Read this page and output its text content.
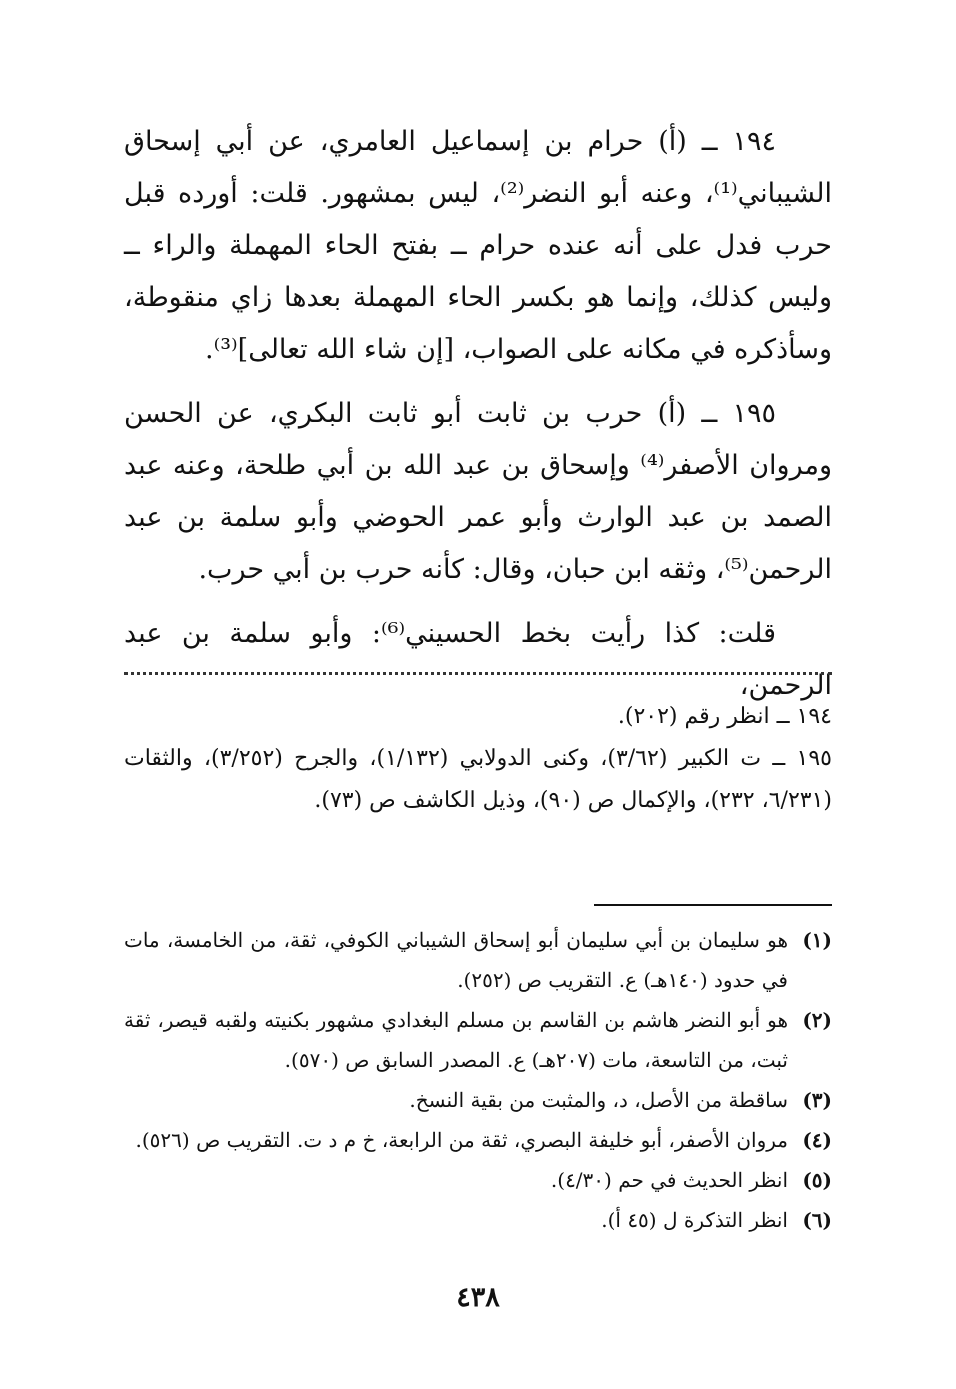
١٩٤ ــ (أ) حرام بن إسماعيل العامري، عن أبي إسحاق الشيباني⁽¹⁾، وعنه أبو النضر⁽²⁾، ليس بمشهور. قلت: أورده قبل حرب فدل على أنه عنده حرام ــ بفتح الحاء المهملة والراء ــ وليس كذلك، وإنما هو بكسر الحاء المهملة بعدها زاي منقوطة، وسأذكره في مكانه على الصواب، [إن شاء الله تعالى]⁽³⁾.

١٩٥ ــ (أ) حرب بن ثابت أبو ثابت البكري، عن الحسن ومروان الأصفر⁽⁴⁾ وإسحاق بن عبد الله بن أبي طلحة، وعنه عبد الصمد بن عبد الوارث وأبو عمر الحوضي وأبو سلمة بن عبد الرحمن⁽⁵⁾، وثقه ابن حبان، وقال: كأنه حرب بن أبي حرب.

قلت: كذا رأيت بخط الحسيني⁽⁶⁾: وأبو سلمة بن عبد الرحمن،

١٩٤ ــ انظر رقم (٢٠٢).

١٩٥ ــ ت الكبير (٣/٦٢)، وكنى الدولابي (١/١٣٢)، والجرح (٣/٢٥٢)، والثقات (٦/٢٣١، ٢٣٢)، والإكمال ص (٩٠)، وذيل الكاشف ص (٧٣).

(١)
هو سليمان بن أبي سليمان أبو إسحاق الشيباني الكوفي، ثقة، من الخامسة، مات في حدود (١٤٠هـ) ع. التقريب ص (٢٥٢).

(٢)
هو أبو النضر هاشم بن القاسم بن مسلم البغدادي مشهور بكنيته ولقبه قيصر، ثقة ثبت، من التاسعة، مات (٢٠٧هـ) ع. المصدر السابق ص (٥٧٠).

(٣)
ساقطة من الأصل، د، والمثبت من بقية النسخ.

(٤)
مروان الأصفر، أبو خليفة البصري، ثقة من الرابعة، خ م د ت. التقريب ص (٥٢٦).

(٥)
انظر الحديث في حم (٤/٣٠).

(٦)
انظر التذكرة ل (٤٥ أ).

٤٣٨
